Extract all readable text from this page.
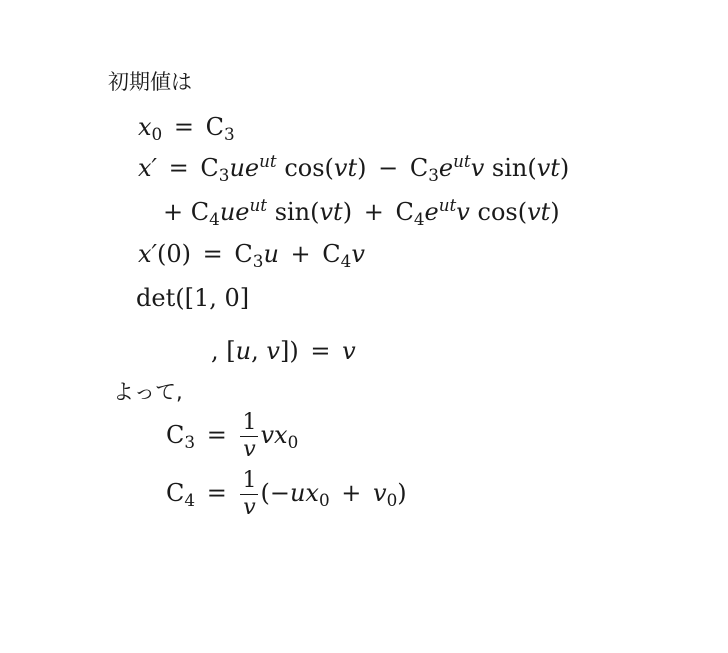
初期値は
$x_0 = C_3$
$x' = C_3ue^{ut}$ $\cos(vt) - C_3e^{ut}v$ sin(vt)
+ $C_4ue^{ut}$ $\sin(vt) + C_4e^{ut}v$ cos(vt)
$x'(0) = C_3u + C_4v$
det([1, 0]
, [u, v]) = v
よって,
$C_3 = \frac{1}{v} vx_0$
$C_4 = \frac{1}{v} (-ux_0 + v_0)$
